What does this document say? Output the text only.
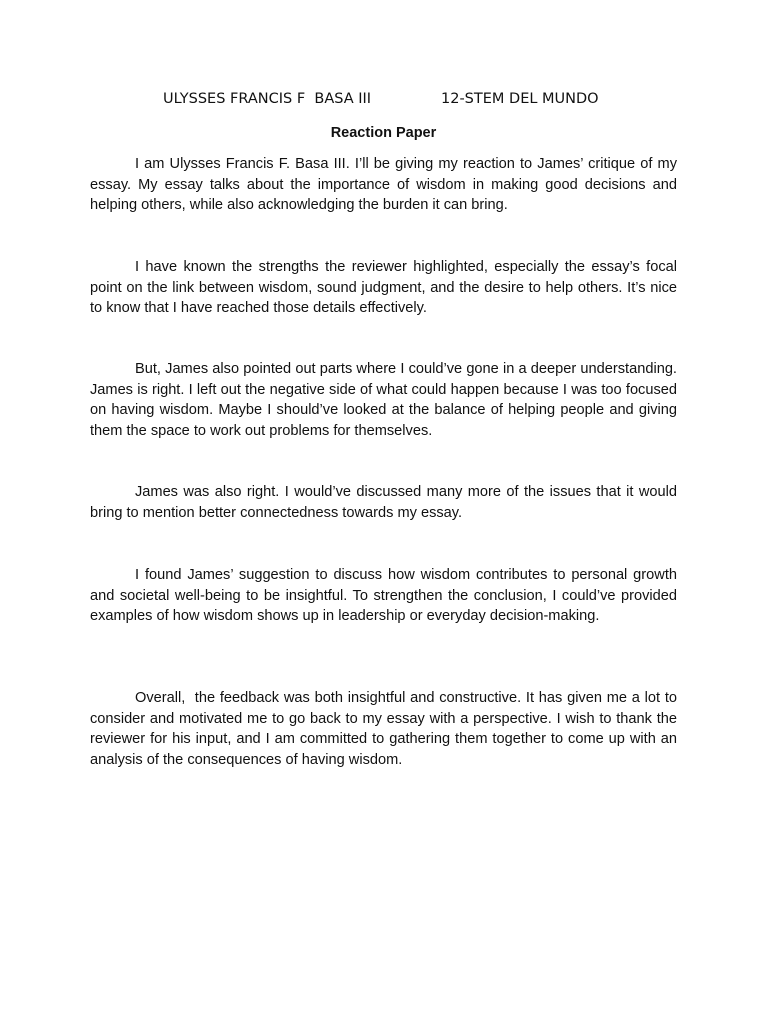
ULYSSES FRANCIS F  BASA III	12-STEM DEL MUNDO
Reaction Paper

I am Ulysses Francis F. Basa III. I’ll be giving my reaction to James’ critique of my essay. My essay talks about the importance of wisdom in making good decisions and helping others, while also acknowledging the burden it can bring.

I have known the strengths the reviewer highlighted, especially the essay’s focal point on the link between wisdom, sound judgment, and the desire to help others. It’s nice to know that I have reached those details effectively.

But, James also pointed out parts where I could’ve gone in a deeper understanding. James is right. I left out the negative side of what could happen because I was too focused on having wisdom. Maybe I should’ve looked at the balance of helping people and giving them the space to work out problems for themselves.

James was also right. I would’ve discussed many more of the issues that it would bring to mention better connectedness towards my essay.

I found James’ suggestion to discuss how wisdom contributes to personal growth and societal well-being to be insightful. To strengthen the conclusion, I could’ve provided examples of how wisdom shows up in leadership or everyday decision-making.

Overall,  the feedback was both insightful and constructive. It has given me a lot to consider and motivated me to go back to my essay with a perspective. I wish to thank the reviewer for his input, and I am committed to gathering them together to come up with an analysis of the consequences of having wisdom.
